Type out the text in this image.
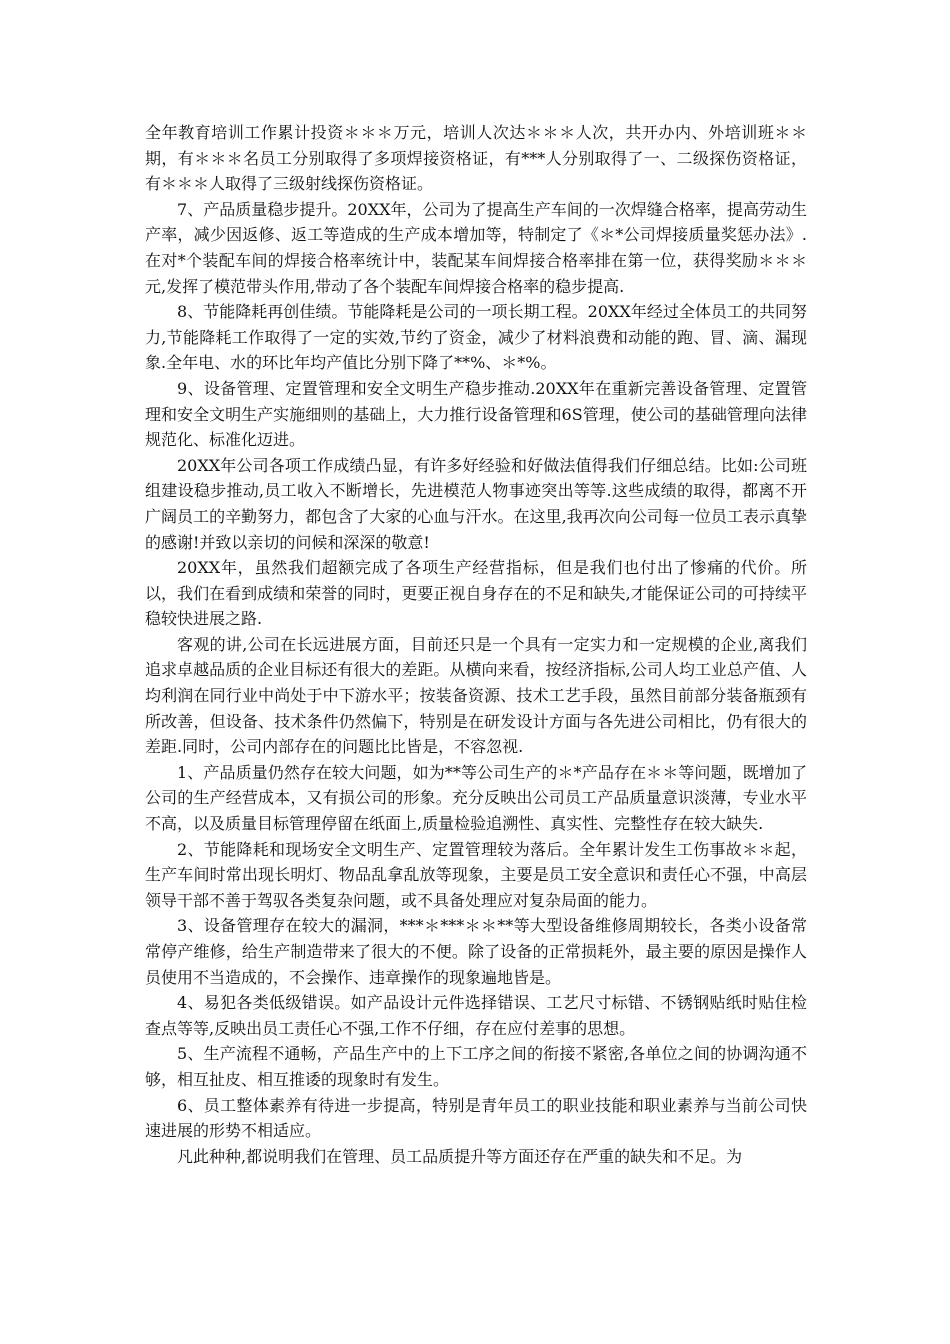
全年教育培训工作累计投资＊＊＊万元，培训人次达＊＊＊人次，共开办内、外培训班＊＊期，有＊＊＊名员工分别取得了多项焊接资格证，有***人分别取得了一、二级探伤资格证，有＊＊＊人取得了三级射线探伤资格证。

7、产品质量稳步提升。20XX年，公司为了提高生产车间的一次焊缝合格率，提高劳动生产率，减少因返修、返工等造成的生产成本增加等，特制定了《＊*公司焊接质量奖惩办法》.在对*个装配车间的焊接合格率统计中，装配某车间焊接合格率排在第一位，获得奖励＊＊＊元,发挥了模范带头作用,带动了各个装配车间焊接合格率的稳步提高.

8、节能降耗再创佳绩。节能降耗是公司的一项长期工程。20XX年经过全体员工的共同努力,节能降耗工作取得了一定的实效,节约了资金，减少了材料浪费和动能的跑、冒、滴、漏现象.全年电、水的环比年均产值比分别下降了**%、＊*%。

9、设备管理、定置管理和安全文明生产稳步推动.20XX年在重新完善设备管理、定置管理和安全文明生产实施细则的基础上，大力推行设备管理和6S管理，使公司的基础管理向法律规范化、标准化迈进。

20XX年公司各项工作成绩凸显，有许多好经验和好做法值得我们仔细总结。比如:公司班组建设稳步推动,员工收入不断增长，先进模范人物事迹突出等等.这些成绩的取得，都离不开广阔员工的辛勤努力，都包含了大家的心血与汗水。在这里,我再次向公司每一位员工表示真挚的感谢!并致以亲切的问候和深深的敬意!

20XX年，虽然我们超额完成了各项生产经营指标，但是我们也付出了惨痛的代价。所以，我们在看到成绩和荣誉的同时，更要正视自身存在的不足和缺失,才能保证公司的可持续平稳较快进展之路.

客观的讲,公司在长远进展方面，目前还只是一个具有一定实力和一定规模的企业,离我们追求卓越品质的企业目标还有很大的差距。从横向来看，按经济指标,公司人均工业总产值、人均利润在同行业中尚处于中下游水平；按装备资源、技术工艺手段，虽然目前部分装备瓶颈有所改善，但设备、技术条件仍然偏下，特别是在研发设计方面与各先进公司相比，仍有很大的差距.同时，公司内部存在的问题比比皆是，不容忽视.

1、产品质量仍然存在较大问题，如为**等公司生产的＊*产品存在＊＊等问题，既增加了公司的生产经营成本，又有损公司的形象。充分反映出公司员工产品质量意识淡薄，专业水平不高，以及质量目标管理停留在纸面上,质量检验追溯性、真实性、完整性存在较大缺失.

2、节能降耗和现场安全文明生产、定置管理较为落后。全年累计发生工伤事故＊＊起，生产车间时常出现长明灯、物品乱拿乱放等现象，主要是员工安全意识和责任心不强，中高层领导干部不善于驾驭各类复杂问题，或不具备处理应对复杂局面的能力。

3、设备管理存在较大的漏洞，***＊***＊＊**等大型设备维修周期较长，各类小设备常常停产维修，给生产制造带来了很大的不便。除了设备的正常损耗外，最主要的原因是操作人员使用不当造成的，不会操作、违章操作的现象遍地皆是。

4、易犯各类低级错误。如产品设计元件选择错误、工艺尺寸标错、不锈钢贴纸时贴住检查点等等,反映出员工责任心不强,工作不仔细，存在应付差事的思想。

5、生产流程不通畅，产品生产中的上下工序之间的衔接不紧密,各单位之间的协调沟通不够，相互扯皮、相互推诿的现象时有发生。

6、员工整体素养有待进一步提高，特别是青年员工的职业技能和职业素养与当前公司快速进展的形势不相适应。

凡此种种,都说明我们在管理、员工品质提升等方面还存在严重的缺失和不足。为
